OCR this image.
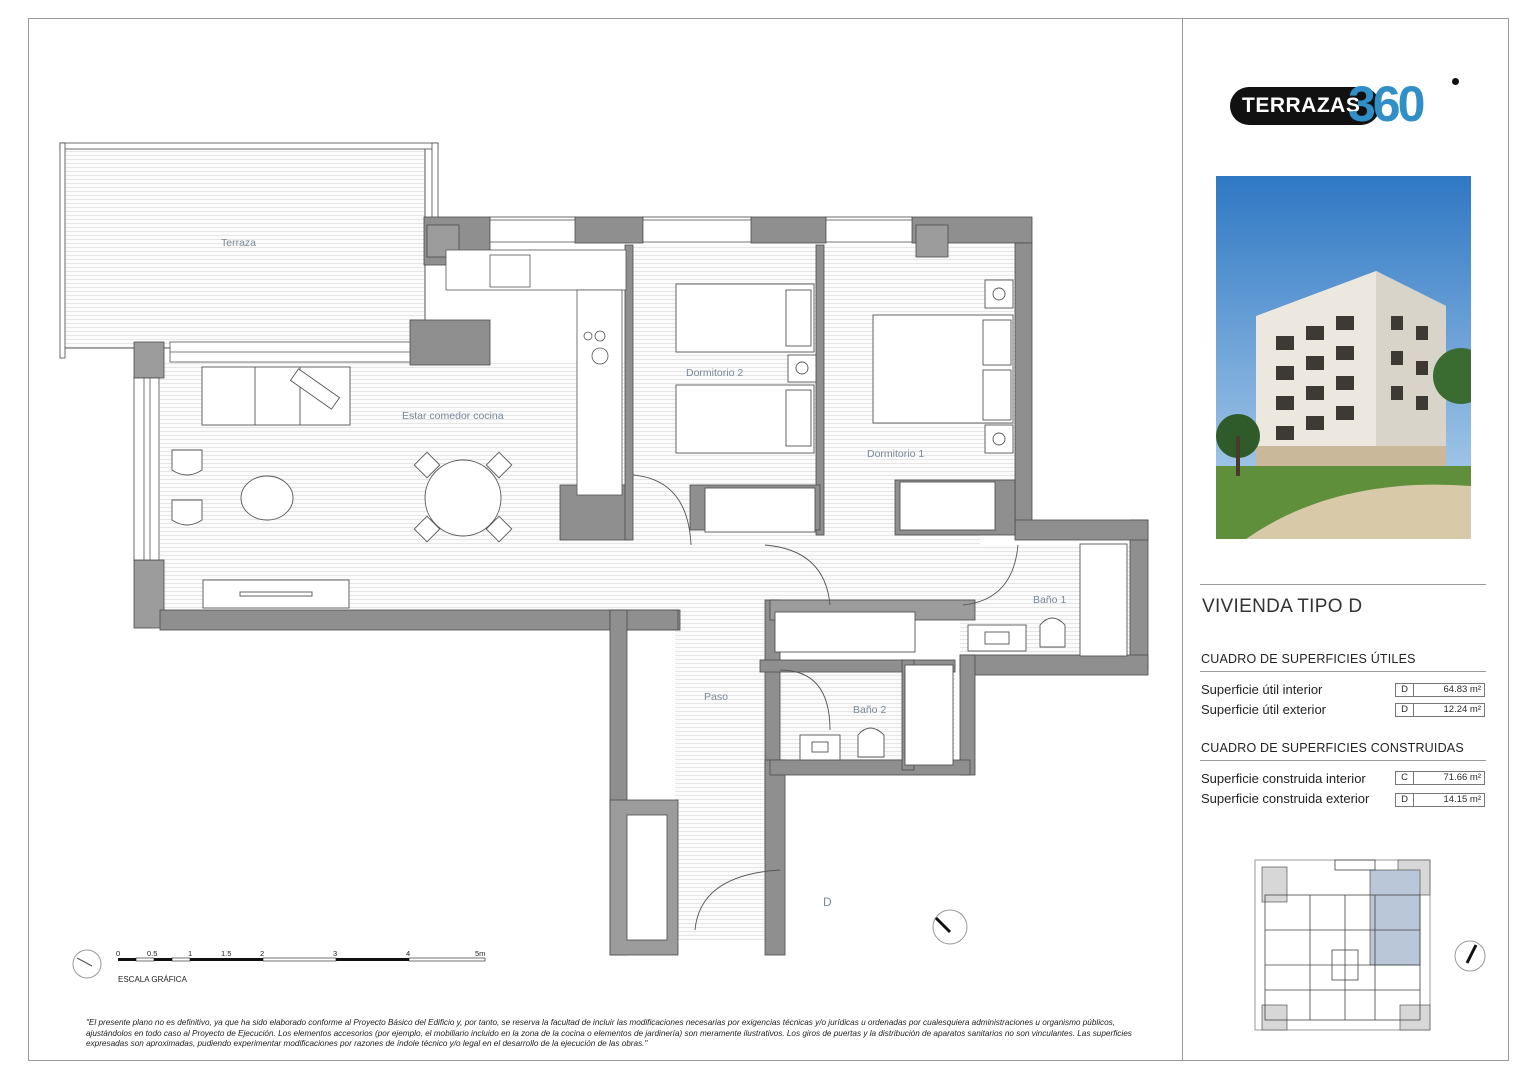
Terraza
Estar comedor cocina
Dormitorio 2
Dormitorio 1
Baño 1
Baño 2
Paso
D
0	0.5	1	1.5	2	3	4	5m
ESCALA GRÁFICA
TERRAZAS
360
VIVIENDA TIPO D
CUADRO DE SUPERFICIES ÚTILES
Superficie útil interior	D	64.83 m²
Superficie útil exterior	D	12.24 m²
CUADRO DE SUPERFICIES CONSTRUIDAS
Superficie construida interior	C	71.66 m²
Superficie construida exterior	D	14.15 m²
"El presente plano no es definitivo, ya que ha sido elaborado conforme al Proyecto Básico del Edificio y, por tanto, se reserva la facultad de incluir las modificaciones necesarias por exigencias técnicas y/o jurídicas u ordenadas por cualesquiera administraciones u organismo públicos, ajustándolos en todo caso al Proyecto de Ejecución. Los elementos accesorios (por ejemplo, el mobiliario incluido en la zona de la cocina o elementos de jardinería) son meramente ilustrativos. Los giros de puertas y la distribución de aparatos sanitarios no son vinculantes. Las superficies expresadas son aproximadas, pudiendo experimentar modificaciones por razones de índole técnico y/o legal en el desarrollo de la ejecución de las obras."
